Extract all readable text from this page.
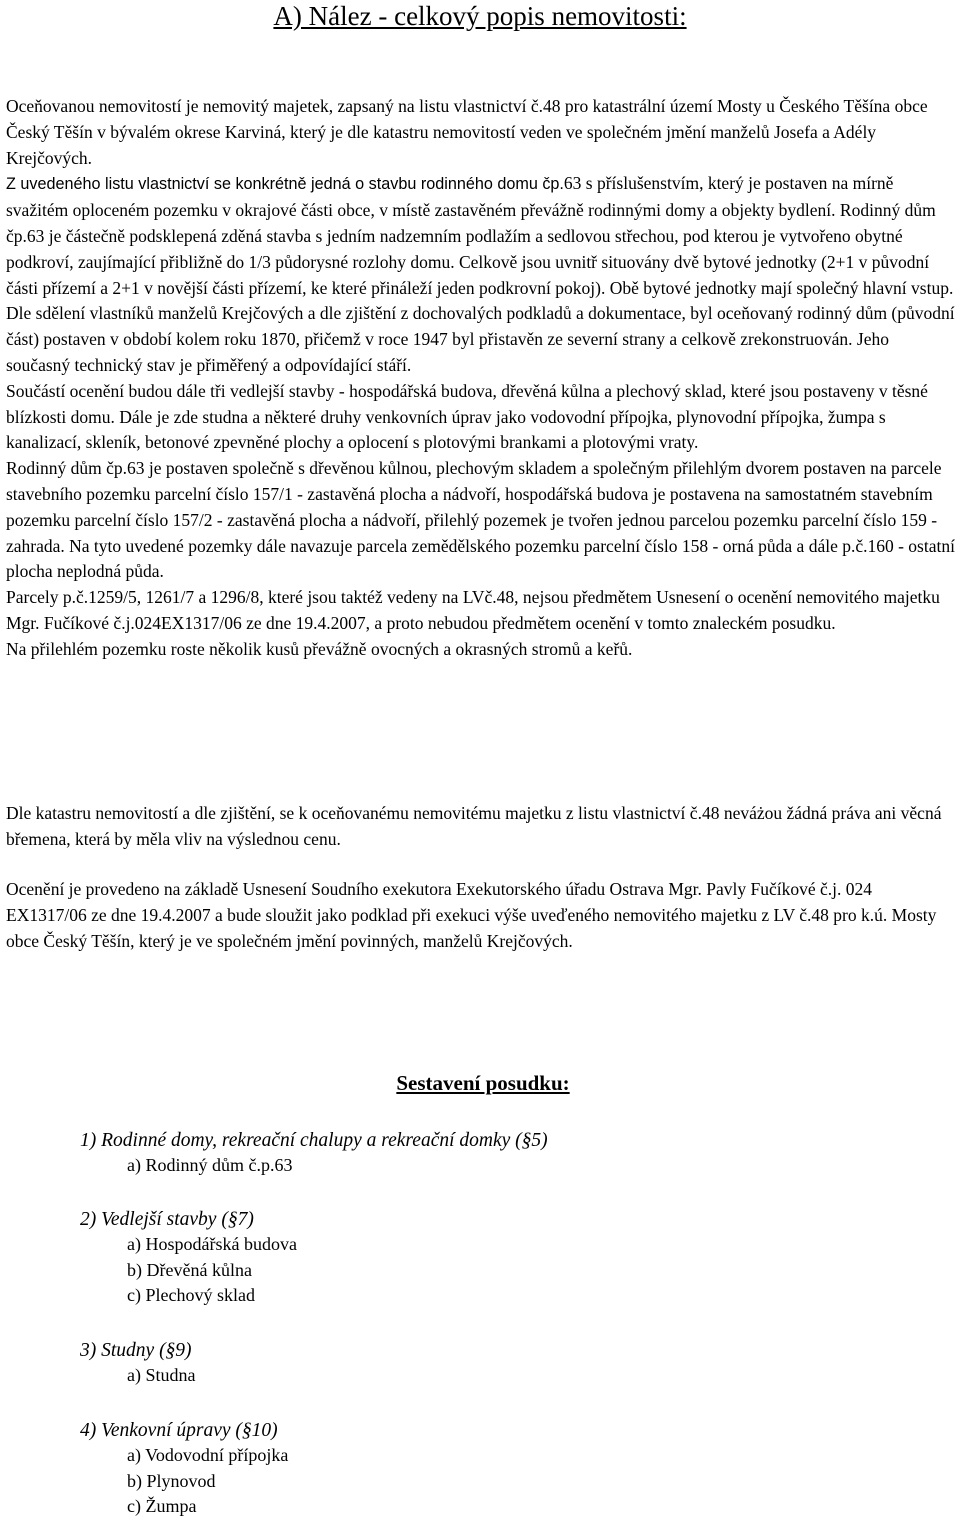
A) Nález - celkový popis nemovitosti:

Oceňovanou nemovitostí je nemovitý majetek, zapsaný na listu vlastnictví č.48 pro katastrální území Mosty u Českého Těšína obce Český Těšín v bývalém okrese Karviná, který je dle katastru nemovitostí veden ve společném jmění manželů Josefa a Adély Krejčových.
Z uvedeného listu vlastnictví se konkrétně jedná o stavbu rodinného domu čp.63 s příslušenstvím, který je postaven na mírně svažitém oploceném pozemku v okrajové části obce, v místě zastavěném převážně rodinnými domy a objekty bydlení. Rodinný dům čp.63 je částečně podsklepená zděná stavba s jedním nadzemním podlažím a sedlovou střechou, pod kterou je vytvořeno obytné podkroví, zaujímající přibližně do 1/3 půdorysné rozlohy domu. Celkově jsou uvnitř situovány dvě bytové jednotky (2+1 v původní části přízemí a 2+1 v novější části přízemí, ke které přináleží jeden podkrovní pokoj). Obě bytové jednotky mají společný hlavní vstup. Dle sdělení vlastníků manželů Krejčových a dle zjištění z dochovalých podkladů a dokumentace, byl oceňovaný rodinný dům (původní část) postaven v období kolem roku 1870, přičemž v roce 1947 byl přistavěn ze severní strany a celkově zrekonstruován. Jeho současný technický stav je přiměřený a odpovídající stáří.
Součástí ocenění budou dále tři vedlejší stavby - hospodářská budova, dřevěná kůlna a plechový sklad, které jsou postaveny v těsné blízkosti domu. Dále je zde studna a některé druhy venkovních úprav jako vodovodní přípojka, plynovodní přípojka, žumpa s kanalizací, skleník, betonové zpevněné plochy a oplocení s plotovými brankami a plotovými vraty.
Rodinný dům čp.63 je postaven společně s dřevěnou kůlnou, plechovým skladem a společným přilehlým dvorem postaven na parcele stavebního pozemku parcelní číslo 157/1 - zastavěná plocha a nádvoří, hospodářská budova je postavena na samostatném stavebním pozemku parcelní číslo 157/2 - zastavěná plocha a nádvoří, přilehlý pozemek je tvořen jednou parcelou pozemku parcelní číslo 159 - zahrada. Na tyto uvedené pozemky dále navazuje parcela zemědělského pozemku parcelní číslo 158 - orná půda a dále p.č.160 - ostatní plocha neplodná půda.
Parcely p.č.1259/5, 1261/7 a 1296/8, které jsou taktéž vedeny na LVč.48, nejsou předmětem Usnesení o ocenění nemovitého majetku Mgr. Fučíkové č.j.024EX1317/06 ze dne 19.4.2007, a proto nebudou předmětem ocenění v tomto znaleckém posudku.
Na přilehlém pozemku roste několik kusů převážně ovocných a okrasných stromů a keřů.

Dle katastru nemovitostí a dle zjištění, se k oceňovanému nemovitému majetku z listu vlastnictví č.48 neváżou žádná práva ani věcná břemena, která by měla vliv na výslednou cenu.

Ocenění je provedeno na základě Usnesení Soudního exekutora Exekutorského úřadu Ostrava Mgr. Pavly Fučíkové č.j. 024 EX1317/06 ze dne 19.4.2007 a bude sloužit jako podklad při exekuci výše uveďeného nemovitého majetku z LV č.48 pro k.ú. Mosty obce Český Těšín, který je ve společném jmění povinných, manželů Krejčových.

Sestavení posudku:
1) Rodinné domy, rekreační chalupy a rekreační domky (§5)
a) Rodinný dům č.p.63
2) Vedlejší stavby (§7)
a) Hospodářská budova
b) Dřevěná kůlna
c) Plechový sklad
3) Studny (§9)
a) Studna
4) Venkovní úpravy (§10)
a) Vodovodní přípojka
b) Plynovod
c) Žumpa
